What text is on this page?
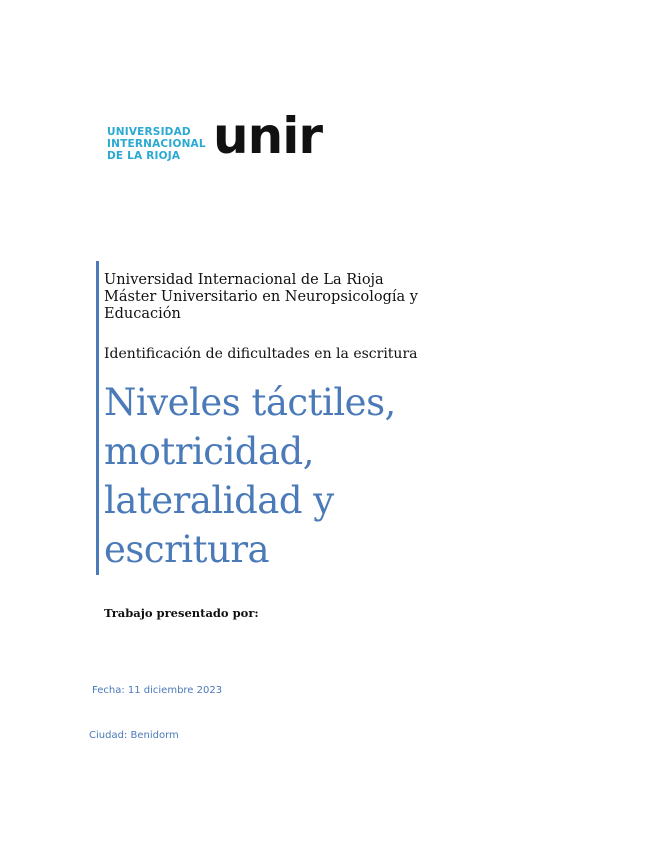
UNIVERSIDAD
INTERNACIONAL
DE LA RIOJA unir
Universidad Internacional de La Rioja
Máster Universitario en Neuropsicología y
Educación
Identificación de dificultades en la escritura
Niveles táctiles,
motricidad,
lateralidad y
escritura
Trabajo presentado por:
Fecha: 11 diciembre 2023
Ciudad: Benidorm
